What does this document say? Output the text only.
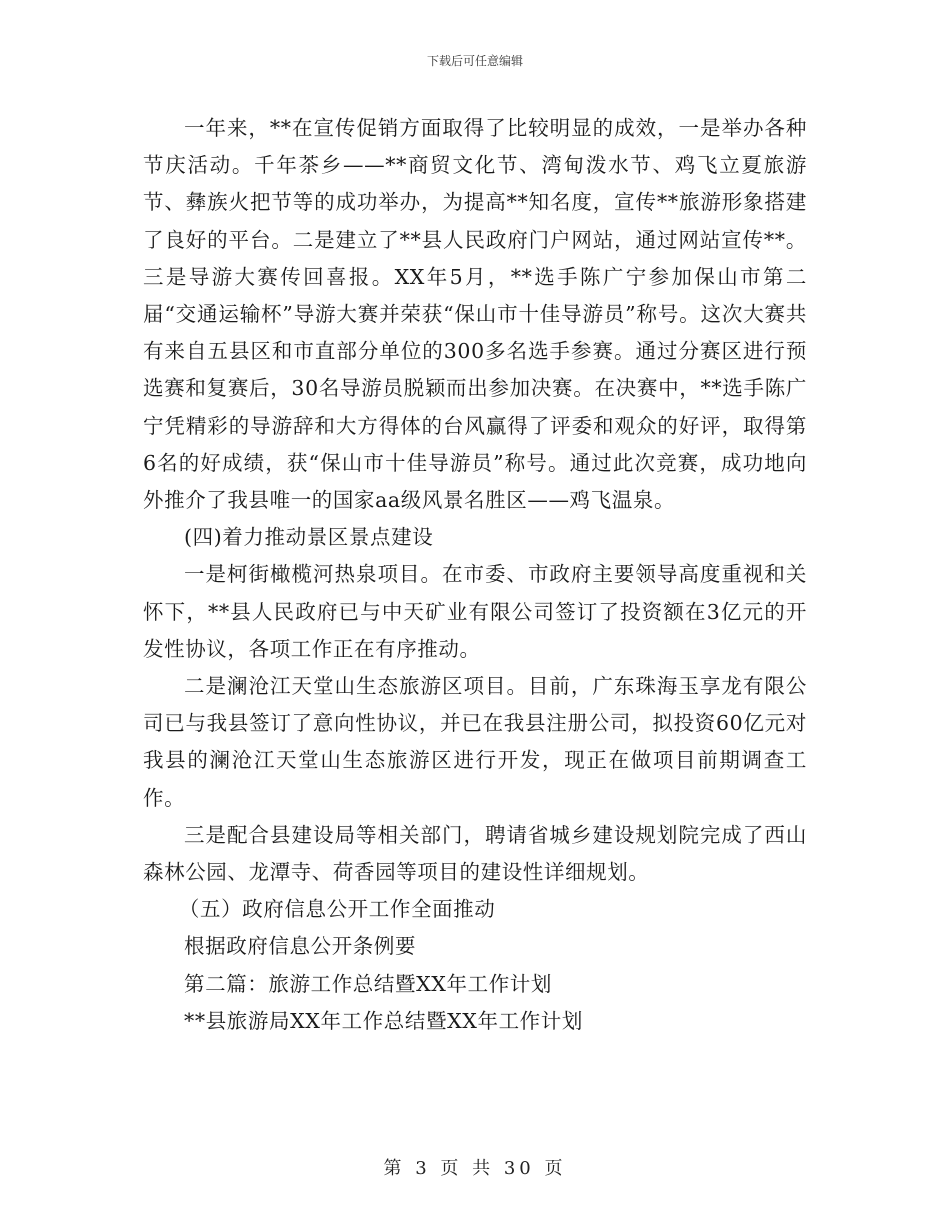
下载后可任意编辑

一年来，**在宣传促销方面取得了比较明显的成效，一是举办各种节庆活动。千年茶乡——**商贸文化节、湾甸泼水节、鸡飞立夏旅游节、彝族火把节等的成功举办，为提高**知名度，宣传**旅游形象搭建了良好的平台。二是建立了**县人民政府门户网站，通过网站宣传**。三是导游大赛传回喜报。XX年5月，**选手陈广宁参加保山市第二届“交通运输杯”导游大赛并荣获“保山市十佳导游员”称号。这次大赛共有来自五县区和市直部分单位的300多名选手参赛。通过分赛区进行预选赛和复赛后，30名导游员脱颖而出参加决赛。在决赛中，**选手陈广宁凭精彩的导游辞和大方得体的台风赢得了评委和观众的好评，取得第6名的好成绩，获“保山市十佳导游员”称号。通过此次竞赛，成功地向外推介了我县唯一的国家aa级风景名胜区——鸡飞温泉。

(四)着力推动景区景点建设

一是柯街橄榄河热泉项目。在市委、市政府主要领导高度重视和关怀下，**县人民政府已与中天矿业有限公司签订了投资额在3亿元的开发性协议，各项工作正在有序推动。

二是澜沧江天堂山生态旅游区项目。目前，广东珠海玉享龙有限公司已与我县签订了意向性协议，并已在我县注册公司，拟投资60亿元对我县的澜沧江天堂山生态旅游区进行开发，现正在做项目前期调查工作。

三是配合县建设局等相关部门，聘请省城乡建设规划院完成了西山森林公园、龙潭寺、荷香园等项目的建设性详细规划。

（五）政府信息公开工作全面推动

根据政府信息公开条例要

第二篇：旅游工作总结暨XX年工作计划

**县旅游局XX年工作总结暨XX年工作计划

第 3 页 共 30 页
